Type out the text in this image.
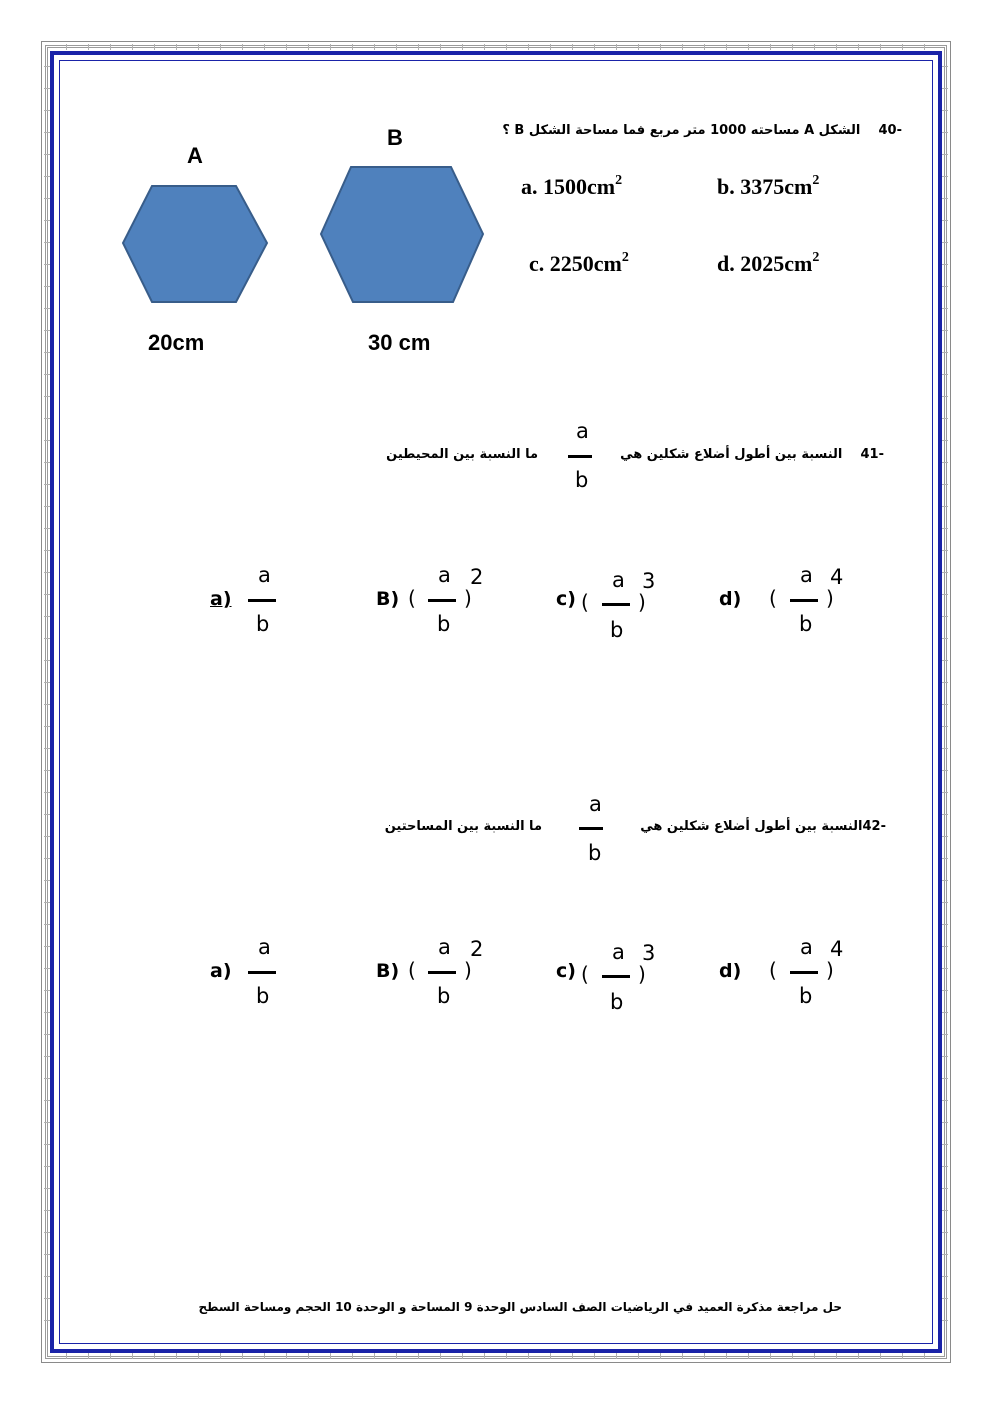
-40    الشكل A مساحته 1000 متر مربع فما مساحة الشكل B ؟
A
B
20cm	30 cm
a. $1500cm^2$	b. $3375cm^2$
c. $2250cm^2$	d. $2025cm^2$
-41    النسبة بين أطول أضلاع شكلين هي
ما النسبة بين المحيطين
a
b
a)
a
b
B) (
a
b
)
2
c) (
a
b
)
3
d) (
a
b
)
4
-42النسبة بين أطول أضلاع شكلين هي
ما النسبة بين المساحتين
a
b
a)
a
b
B) (
a
b
)
2
c) (
a
b
)
3
d) (
a
b
)
4
حل مراجعة مذكرة العميد في الرياضيات الصف السادس الوحدة 9 المساحة و الوحدة 10 الحجم ومساحة السطح
